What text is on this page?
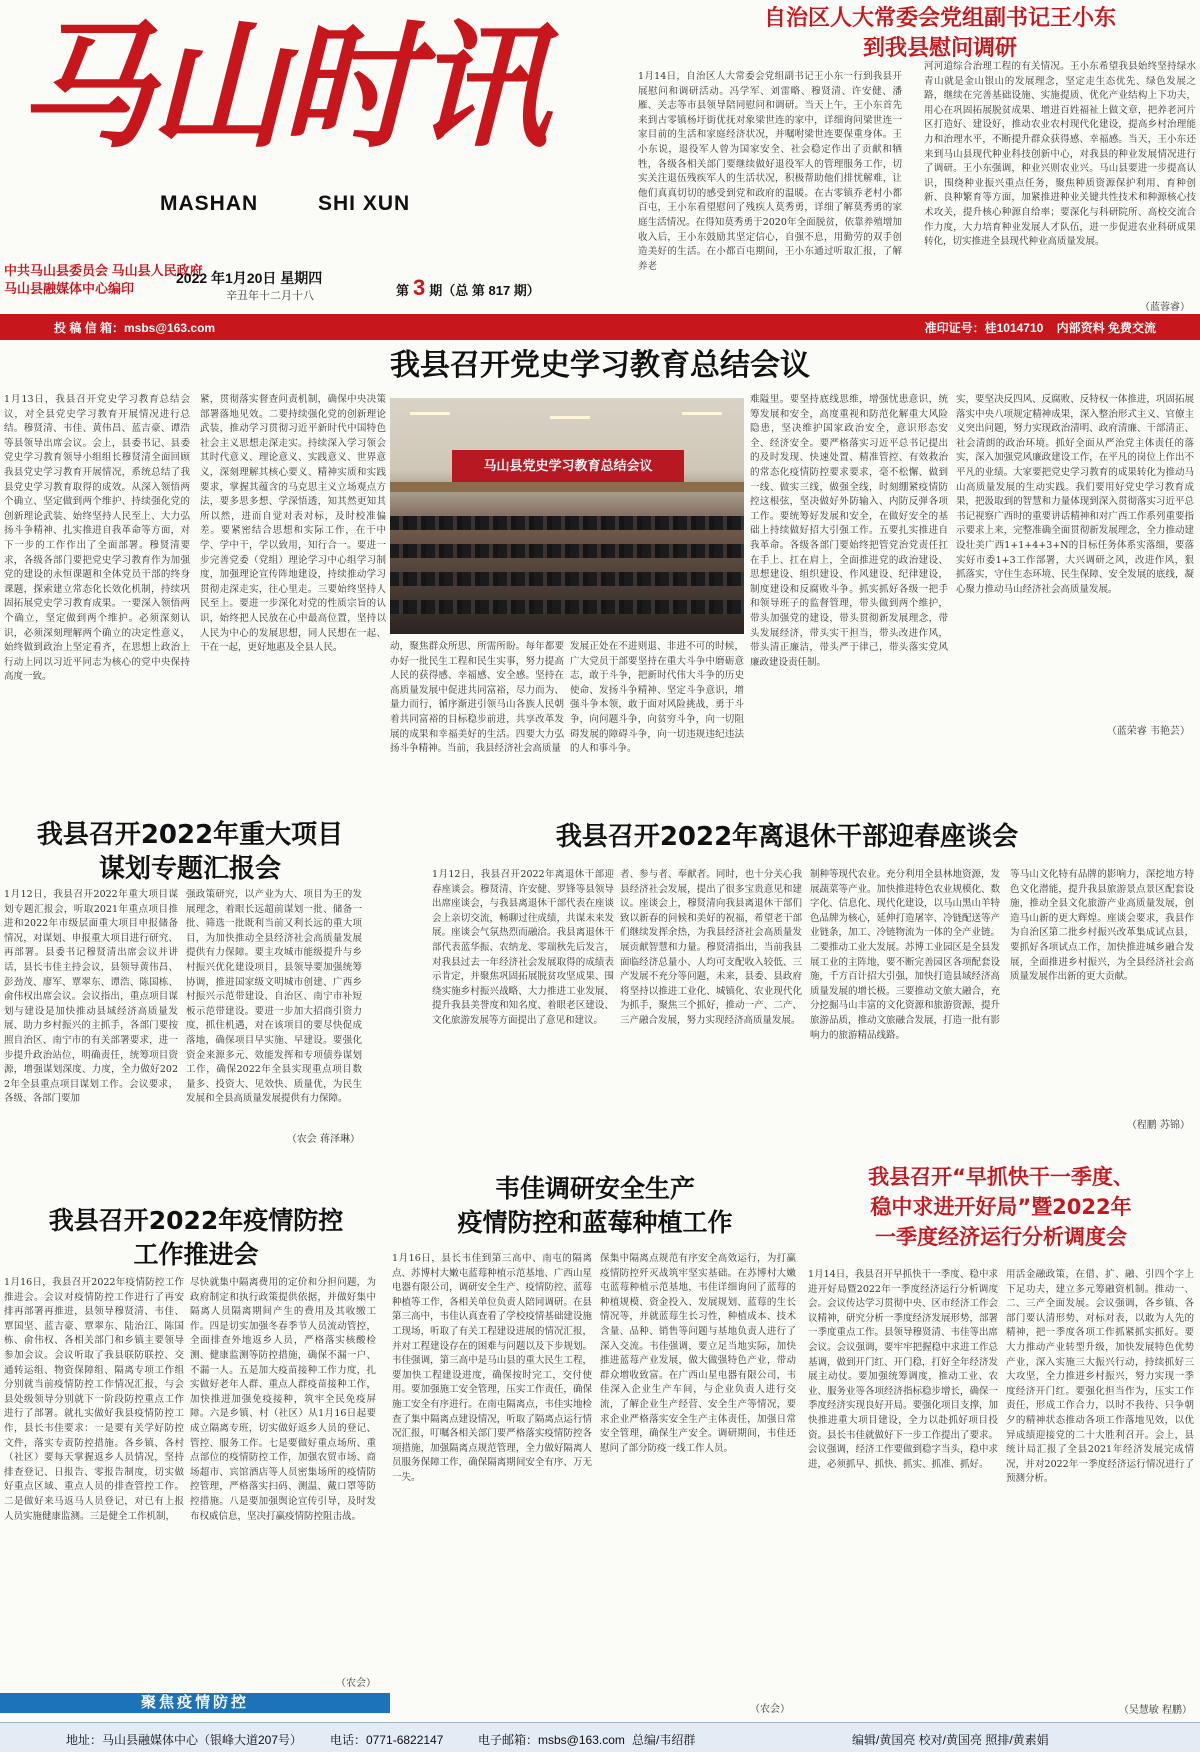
马山时讯
MASHAN	SHI XUN
中共马山县委员会 马山县人民政府
马山县融媒体中心编印
2022 年1月20日 星期四
辛丑年十二月十八	第 3 期（总 第 817 期）
自治区人大常委会党组副书记王小东
到我县慰问调研
1月14日，自治区人大常委会党组副书记王小东一行到我县开展慰问和调研活动。冯学军、刘雷略、穆贤清、许安健、潘雁、关志等市县领导陪同慰问和调研。当天上午，王小东首先来到古零镇杨圩街优抚对象梁世连的家中，详细询问梁世连一家目前的生活和家庭经济状况，并嘱咐梁世连要保重身体。王小东说，退役军人曾为国家安全、社会稳定作出了贡献和牺牲，各级各相关部门要继续做好退役军人的管理服务工作，切实关注退伍残疾军人的生活状况，积极帮助他们排忧解难，让他们真真切切的感受到党和政府的温暖。在古零镇乔老村小都百屯，王小东看望慰问了残疾人莫秀勇，详细了解莫秀勇的家庭生活情况。在得知莫秀勇于2020年全面脱贫，依靠养殖增加收入后，王小东鼓励其坚定信心，自强不息，用勤劳的双手创造美好的生活。在小都百屯期间，王小东通过听取汇报，了解养老
河河道综合治理工程的有关情况。王小东希望我县始终坚持绿水青山就是金山银山的发展理念，坚定走生态优先、绿色发展之路，继续在完善基础设施、实施提质、优化产业结构上下功夫，用心在巩固拓展脱贫成果、增进百姓福祉上做文章，把养老河片区打造好、建设好，推动农业农村现代化建设，提高乡村治理能力和治理水平，不断提升群众获得感、幸福感。当天，王小东还来到马山县现代种业科技创新中心，对我县的种业发展情况进行了调研。王小东强调，种业兴则农业兴。马山县要进一步提高认识，围绕种业振兴重点任务，聚焦种质资源保护利用、育种创新、良种繁育等方面，加紧推进种业关键共性技术和种源核心技术攻关，提升核心种源自给率；要深化与科研院所、高校交流合作力度，大力培育种业发展人才队伍，进一步促进农业科研成果转化，切实推进全县现代种业高质量发展。
（蓝蓉睿）
投 稿 信 箱：msbs@163.com	准印证号：桂1014710 内部资料 免费交流
我县召开党史学习教育总结会议
1月13日，我县召开党史学习教育总结会议，对全县党史学习教育开展情况进行总结。穆贤清、韦佳、黄伟昌、蓝吉豪、谭浩等县领导出席会议。会上，县委书记、县委党史学习教育领导小组组长穆贤清全面回顾我县党史学习教育开展情况，系统总结了我县党史学习教育取得的成效。从深入领悟两个确立、坚定做到两个维护、持续强化党的创新理论武装、始终坚持人民至上、大力弘扬斗争精神、扎实推进自我革命等方面，对下一步的工作作出了全面部署。穆贤清要求，各级各部门要把党史学习教育作为加强党的建设的永恒课题和全体党员干部的终身课题，探索建立常态化长效化机制，持续巩固拓展党史学习教育成果。一要深入领悟两个确立，坚定做到两个维护。必须深刻认识，必须深刻理解两个确立的决定性意义，始终做到政治上坚定看齐，在思想上政治上行动上同以习近平同志为核心的党中央保持高度一致。
紧，贯彻落实督查问责机制，确保中央决策部署落地见效。二要持续强化党的创新理论武装，推动学习贯彻习近平新时代中国特色社会主义思想走深走实。持续深入学习领会其时代意义、理论意义、实践意义、世界意义，深刻理解其核心要义、精神实质和实践要求，掌握其蕴含的马克思主义立场观点方法，要多思多想、学深悟透，知其然更知其所以然，进而自觉对表对标，及时校准偏差。要紧密结合思想和实际工作，在干中学、学中干，学以致用，知行合一。要进一步完善党委（党组）理论学习中心组学习制度，加强理论宣传阵地建设，持续推动学习贯彻走深走实，往心里走。三要始终坚持人民至上。要进一步深化对党的性质宗旨的认识，始终把人民放在心中最高位置，坚持以人民为中心的发展思想，同人民想在一起、干在一起，更好地惠及全县人民。
马山县党史学习教育总结会议
动，聚焦群众所思、所需所盼。每年都要办好一批民生工程和民生实事，努力提高人民的获得感、幸福感、安全感。坚持在高质量发展中促进共同富裕，尽力而为、量力而行，循序渐进引领马山各族人民朝着共同富裕的目标稳步前进，共享改革发展的成果和幸福美好的生活。四要大力弘扬斗争精神。当前，我县经济社会高质量
发展正处在不进则退、非进不可的时候，广大党员干部要坚持在重大斗争中磨砺意志，敢于斗争，把新时代伟大斗争的历史使命、发扬斗争精神、坚定斗争意识，增强斗争本领，敢于面对风险挑战，勇于斗争，向问题斗争，向贫穷斗争，向一切阻碍发展的障碍斗争，向一切违规违纪违法的人和事斗争。
难隘里。要坚持底线思维，增强忧患意识，统筹发展和安全，高度重视和防范化解重大风险隐患，坚决维护国家政治安全，意识形态安全、经济安全。要严格落实习近平总书记提出的及时发现、快速处置、精准管控、有效救治的常态化疫情防控要求要求，毫不松懈、做到一线、做实三线，做强全线，时刻绷紧疫情防控这根弦，坚决做好外防输入、内防反弹各项工作。要统筹好发展和安全，在做好安全的基础上持续做好招大引强工作。五要扎实推进自我革命。各级各部门要始终把管党治党责任扛在手上、扛在肩上，全面推进党的政治建设、思想建设、组织建设、作风建设、纪律建设，制度建设和反腐败斗争。抓实抓好各级一把手和领导班子的监督管理，带头做到两个维护，带头加强党的建设，带头贯彻新发展理念，带头发展经济，带头实干担当，带头改进作风，带头清正廉洁，带头严于律己，带头落实党风廉政建设责任制。
实，要坚决反四风、反腐败、反特权一体推进，巩固拓展落实中央八项规定精神成果，深入整治形式主义、官僚主义突出问题，努力实现政治清明、政府清廉、干部清正、社会清朗的政治环境。抓好全面从严治党主体责任的落实，深入加强党风廉政建设工作，在平凡的岗位上作出不平凡的业绩。大家要把党史学习教育的成果转化为推动马山高质量发展的生动实践。我们要用好党史学习教育成果，把汲取到的智慧和力量体现到深入贯彻落实习近平总书记视察广西时的重要讲话精神和对广西工作系列重要指示要求上来，完整准确全面贯彻新发展理念，全力推动建设壮美广西1+1+4+3+N的目标任务体系实落细，要落实好市委1+3工作部署，大兴调研之风，改进作风，狠抓落实，守住生态环境、民生保障、安全发展的底线，凝心聚力推动马山经济社会高质量发展。
（蓝荣睿 韦艳芸）
我县召开2022年重大项目
谋划专题汇报会
1月12日，我县召开2022年重大项目谋划专题汇报会，听取2021年重点项目推进和2022年市级层面重大项目申报储备情况，对谋划、申报重大项目进行研究、再部署。县委书记穆贤清出席会议并讲话，县长韦佳主持会议，县领导黄伟昌、彭劲茂、廖军、覃翠东、谭浩、陈国栋、俞伟权出席会议。会议指出，重点项目谋划与建设是加快推动县域经济高质量发展、助力乡村振兴的主抓手，各部门要按照自治区、南宁市的有关部署要求，进一步提升政治站位，明确责任，统筹项目资源，增强谋划深度、力度，全力做好2022年全县重点项目谋划工作。会议要求，各级、各部门要加
强政策研究，以产业为大、项目为王的发展理念，着眼长远超前谋划一批、储备一批、筛选一批既利当前又利长远的重大项目，为加快推动全县经济社会高质量发展提供有力保障。要主攻城市能级提升与乡村振兴优化建设项目，县领导要加强统筹协调，推进国家级文明城市创建、广西乡村振兴示范带建设、自治区、南宁市补短板示范带建设。要进一步加大招商引资力度，抓住机遇，对在该项目的要尽快促成落地，确保项目早实施、早建设。要强化资金来源多元、效能发挥和专项债券谋划工作，确保2022年全县实现重点项目数量多、投资大、见效快、质量优，为民生发展和全县高质量发展提供有力保障。
（农会 蒋泽琳）
我县召开2022年离退休干部迎春座谈会
1月12日，我县召开2022年离退休干部迎春座谈会。穆贤清、许安健、罗锋等县领导出席座谈会，与我县离退休干部代表在座谈会上亲切交流，畅聊过往成绩，共谋未来发展。座谈会气氛热烈而融洽。我县离退休干部代表蓝华振、农纳龙、零瑞秋先后发言，对我县过去一年经济社会发展取得的成绩表示肯定，并聚焦巩固拓展脱贫攻坚成果、围绕实施乡村振兴战略、大力推进工业发展、提升我县美誉度和知名度、着眼老区建设、文化旅游发展等方面提出了意见和建议。
者、参与者、奉献者。同时，也十分关心我县经济社会发展，提出了很多宝贵意见和建议。座谈会上，穆贤清向我县离退休干部们致以新春的问候和美好的祝福，希望老干部们继续发挥余热，为我县经济社会高质量发展贡献智慧和力量。穆贤清指出，当前我县面临经济总量小、人均可支配收入较低、三产发展不充分等问题，未来，县委、县政府将坚持以推进工业化、城镇化、农业现代化为抓手，聚焦三个抓好，推动一产、二产、三产融合发展，努力实现经济高质量发展。
制种等现代农业。充分利用全县林地资源，发展蔬菜等产业。加快推进特色农业规模化、数字化、信息化、现代化建设，以马山黑山羊特色品牌为核心，延伸打造屠宰、冷链配送等产业链条，加工、冷链物流为一体的全产业链。二要推动工业大发展。苏博工业园区是全县发展工业的主阵地，要不断完善园区各项配套设施，千方百计招大引强，加快打造县域经济高质量发展的增长极。三要推动文旅大融合，充分挖掘马山丰富的文化资源和旅游资源，提升旅游品质，推动文旅融合发展，打造一批有影响力的旅游精品线路。
等马山文化特有品牌的影响力，深挖地方特色文化潜能，提升我县旅游景点景区配套设施，推动全县文化旅游产业高质量发展，创造马山新的更大辉煌。座谈会要求，我县作为自治区第二批乡村振兴改革集成试点县，要抓好各项试点工作，加快推进城乡融合发展，全面推进乡村振兴，为全县经济社会高质量发展作出新的更大贡献。
（程鹏 苏锦）
我县召开2022年疫情防控
工作推进会
1月16日，我县召开2022年疫情防控工作推进会。会议对疫情防控工作进行了再安排再部署再推进，县领导穆贤清、韦佳、覃国坚、蓝吉豪、覃翠东、陆治江、陈国栋、俞伟权、各相关部门和乡镇主要领导参加会议。会议听取了我县联防联控、交通转运组、物资保障组、隔离专项工作组分别就当前疫情防控工作情况汇报，与会县处级领导分别就下一阶段防控重点工作进行了部署。就扎实做好我县疫情防控工作，县长韦佳要求：一是要有关学好防控文件，落实专责防控措施。各乡镇、各村（社区）要每天掌握返乡人员情况，坚持排查登记、日报告、零报告制度，切实做好重点区域、重点人员的排查管控工作。二是做好来马返马人员登记，对已有上报人员实施健康监测。三是健全工作机制，
尽快就集中隔离费用的定价和分担问题，为政府制定和执行政策提供依据，并做好集中隔离人员隔离期间产生的费用及其收缴工作。四是切实加强冬春季节人员流动管控，全面排查外地返乡人员，严格落实核酸检测、健康监测等防控措施，确保不漏一户、不漏一人。五是加大疫苗接种工作力度，扎实做好老年人群、重点人群疫苗接种工作，加快推进加强免疫接种，筑牢全民免疫屏障。六是乡镇、村（社区）从1月16日起要成立隔离专班，切实做好返乡人员的登记、管控、服务工作。七是要做好重点场所、重点部位的疫情防控工作，加强农贸市场、商场超市、宾馆酒店等人员密集场所的疫情防控管理，严格落实扫码、测温、戴口罩等防控措施。八是要加强舆论宣传引导，及时发布权威信息，坚决打赢疫情防控阻击战。
（农会）
聚焦疫情防控
韦佳调研安全生产
疫情防控和蓝莓种植工作
1月16日，县长韦佳到第三高中、南屯的隔离点、苏博村大嫩屯蓝莓种植示范基地、广西山星电器有限公司，调研安全生产、疫情防控、蓝莓种植等工作，各相关单位负责人陪同调研。在县第三高中，韦佳认真查看了学校疫情基础建设施工现场，听取了有关工程建设进展的情况汇报，并对工程建设存在的困难与问题以及下步规划。韦佳强调，第三高中是马山县的重大民生工程，要加快工程建设进度，确保按时完工，交付使用。要加强施工安全管理，压实工作责任，确保施工安全有序进行。在南屯隔离点，韦佳实地检查了集中隔离点建设情况，听取了隔离点运行情况汇报，叮嘱各相关部门要严格落实疫情防控各项措施，加强隔离点规范管理，全力做好隔离人员服务保障工作，确保隔离期间安全有序、万无一失。
保集中隔离点规范有序安全高效运行，为打赢疫情防控歼灭战筑牢坚实基础。在苏博村大嫩屯蓝莓种植示范基地，韦佳详细询问了蓝莓的种植规模、资金投入、发展规划、蓝莓的生长情况等，并就蓝莓生长习性，种植成本、技术含量、品种、销售等问题与基地负责人进行了深入交流。韦佳强调，要立足当地实际，加快推进蓝莓产业发展，做大做强特色产业，带动群众增收致富。在广西山星电器有限公司，韦佳深入企业生产车间，与企业负责人进行交流，了解企业生产经营、安全生产等情况，要求企业严格落实安全生产主体责任，加强日常安全管理，确保生产安全。调研期间，韦佳还慰问了部分防疫一线工作人员。
（农会）
我县召开“早抓快干一季度、
稳中求进开好局”暨2022年
一季度经济运行分析调度会
1月14日，我县召开早抓快干一季度、稳中求进开好局暨2022年一季度经济运行分析调度会。会议传达学习贯彻中央、区市经济工作会议精神，研究分析一季度经济发展形势，部署一季度重点工作。县领导穆贤清、韦佳等出席会议。会议强调，要牢牢把握稳中求进工作总基调，做到开门红、开门稳，打好全年经济发展主动仗。要加强统筹调度，推动工业、农业、服务业等各项经济指标稳步增长，确保一季度经济实现良好开局。要强化项目支撑，加快推进重大项目建设，全力以赴抓好项目投资。县长韦佳就做好下一步工作提出了要求。会议强调，经济工作要做到稳字当头，稳中求进，必须抓早、抓快、抓实、抓准、抓好。
用活金融政策，在借、扩、融、引四个字上下足功夫，建立多元筹融资机制。推动一、二、三产全面发展。会议强调，各乡镇、各部门要认清形势、对标对表，以敢为人先的精神，把一季度各项工作抓紧抓实抓好。要大力推动产业转型升级，加快发展特色优势产业，深入实施三大振兴行动，持续抓好三大攻坚，全力推进乡村振兴，努力实现一季度经济开门红。要强化担当作为，压实工作责任，形成工作合力，以时不我待、只争朝夕的精神状态推动各项工作落地见效，以优异成绩迎接党的二十大胜利召开。会上，县统计局汇报了全县2021年经济发展完成情况，并对2022年一季度经济运行情况进行了预测分析。
（吴慧敏 程鹏）
地址：马山县融媒体中心（银峰大道207号） 电话：0771-6822147	电子邮箱：msbs@163.com 总编/韦绍群	编辑/黄国亮 校对/黄国亮 照排/黄素娟
